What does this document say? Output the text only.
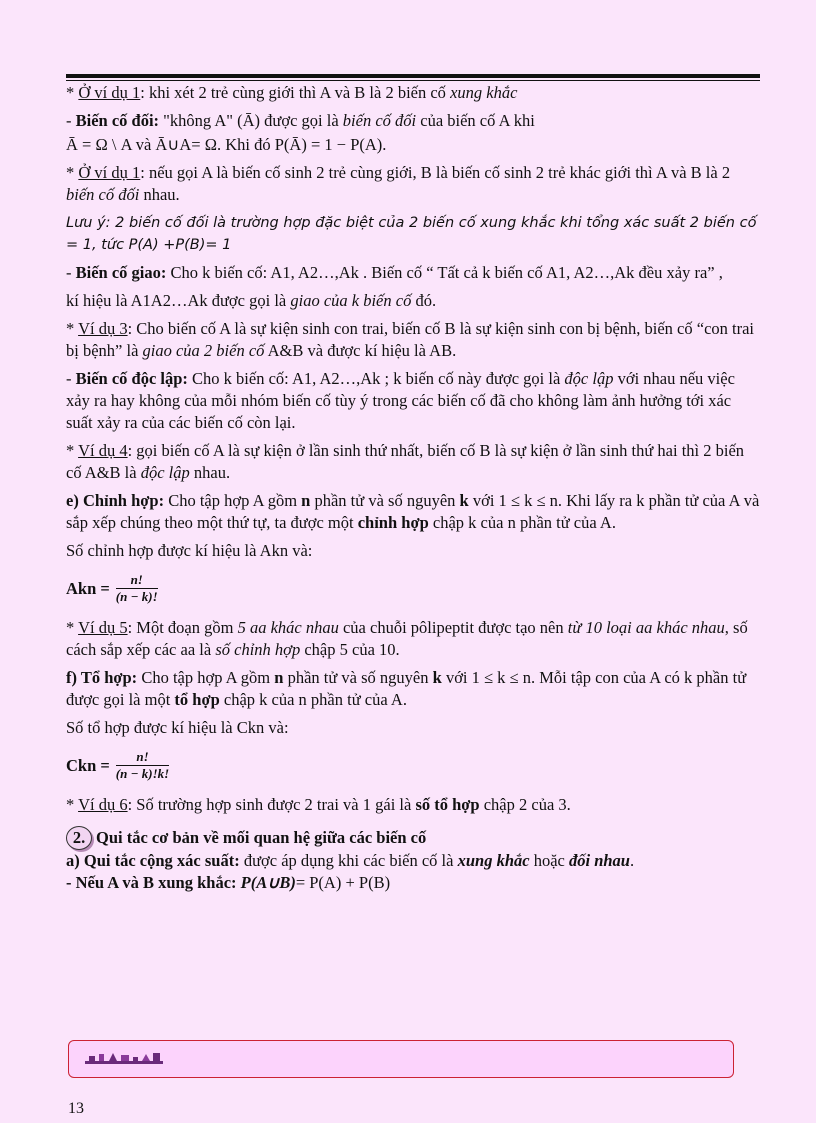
* Ở ví dụ 1: khi xét 2 trẻ cùng giới thì A và B là 2 biến cố xung khắc

- Biến cố đối: "không A" (Ā) được gọi là biến cố đối của biến cố A khi

Ā = Ω \ A và Ā∪A= Ω. Khi đó P(Ā) = 1 − P(A).

* Ở ví dụ 1: nếu gọi A là biến cố sinh 2 trẻ cùng giới, B là biến cố sinh 2 trẻ khác giới thì A và B là 2 biến cố đối nhau.

Lưu ý: 2 biến cố đối là trường hợp đặc biệt của 2 biến cố xung khắc khi tổng xác suất 2 biến cố = 1, tức P(A) +P(B)= 1

- Biến cố giao: Cho k biến cố: A1, A2…,Ak . Biến cố “ Tất cả k biến cố A1, A2…,Ak đều xảy ra” ,

kí hiệu là A1A2…Ak được gọi là giao của k biến cố đó.

* Ví dụ 3: Cho biến cố A là sự kiện sinh con trai, biến cố B là sự kiện sinh con bị bệnh, biến cố “con trai bị bệnh” là giao của 2 biến cố A&B và được kí hiệu là AB.

- Biến cố độc lập: Cho k biến cố: A1, A2…,Ak ; k biến cố này được gọi là độc lập với nhau nếu việc xảy ra hay không của mỗi nhóm biến cố tùy ý trong các biến cố đã cho không làm ảnh hưởng tới xác suất xảy ra của các biến cố còn lại.

* Ví dụ 4: gọi biến cố A là sự kiện ở lần sinh thứ nhất, biến cố B là sự kiện ở lần sinh thứ hai thì 2 biến cố A&B là độc lập nhau.

e) Chỉnh hợp: Cho tập hợp A gồm n phần tử và số nguyên k với 1 ≤ k ≤ n. Khi lấy ra k phần tử của A và sắp xếp chúng theo một thứ tự, ta được một chỉnh hợp chập k của n phần tử của A.

Số chỉnh hợp được kí hiệu là Akn và:

Akn = $\frac{n!}{(n - k)!}$

* Ví dụ 5: Một đoạn gồm 5 aa khác nhau của chuỗi pôlipeptit được tạo nên từ 10 loại aa khác nhau, số cách sắp xếp các aa là số chỉnh hợp chập 5 của 10.

f) Tổ hợp: Cho tập hợp A gồm n phần tử và số nguyên k với 1 ≤ k ≤ n. Mỗi tập con của A có k phần tử được gọi là một tổ hợp chập k của n phần tử của A.

Số tổ hợp được kí hiệu là Ckn và:

Ckn = $\frac{n!}{(n - k)!k!}$

* Ví dụ 6: Số trường hợp sinh được 2 trai và 1 gái là số tổ hợp chập 2 của 3.

2. Qui tắc cơ bản về mối quan hệ giữa các biến cố

a) Qui tắc cộng xác suất: được áp dụng khi các biến cố là xung khắc hoặc đối nhau.

- Nếu A và B xung khắc: P(A∪B)= P(A) + P(B)

13
